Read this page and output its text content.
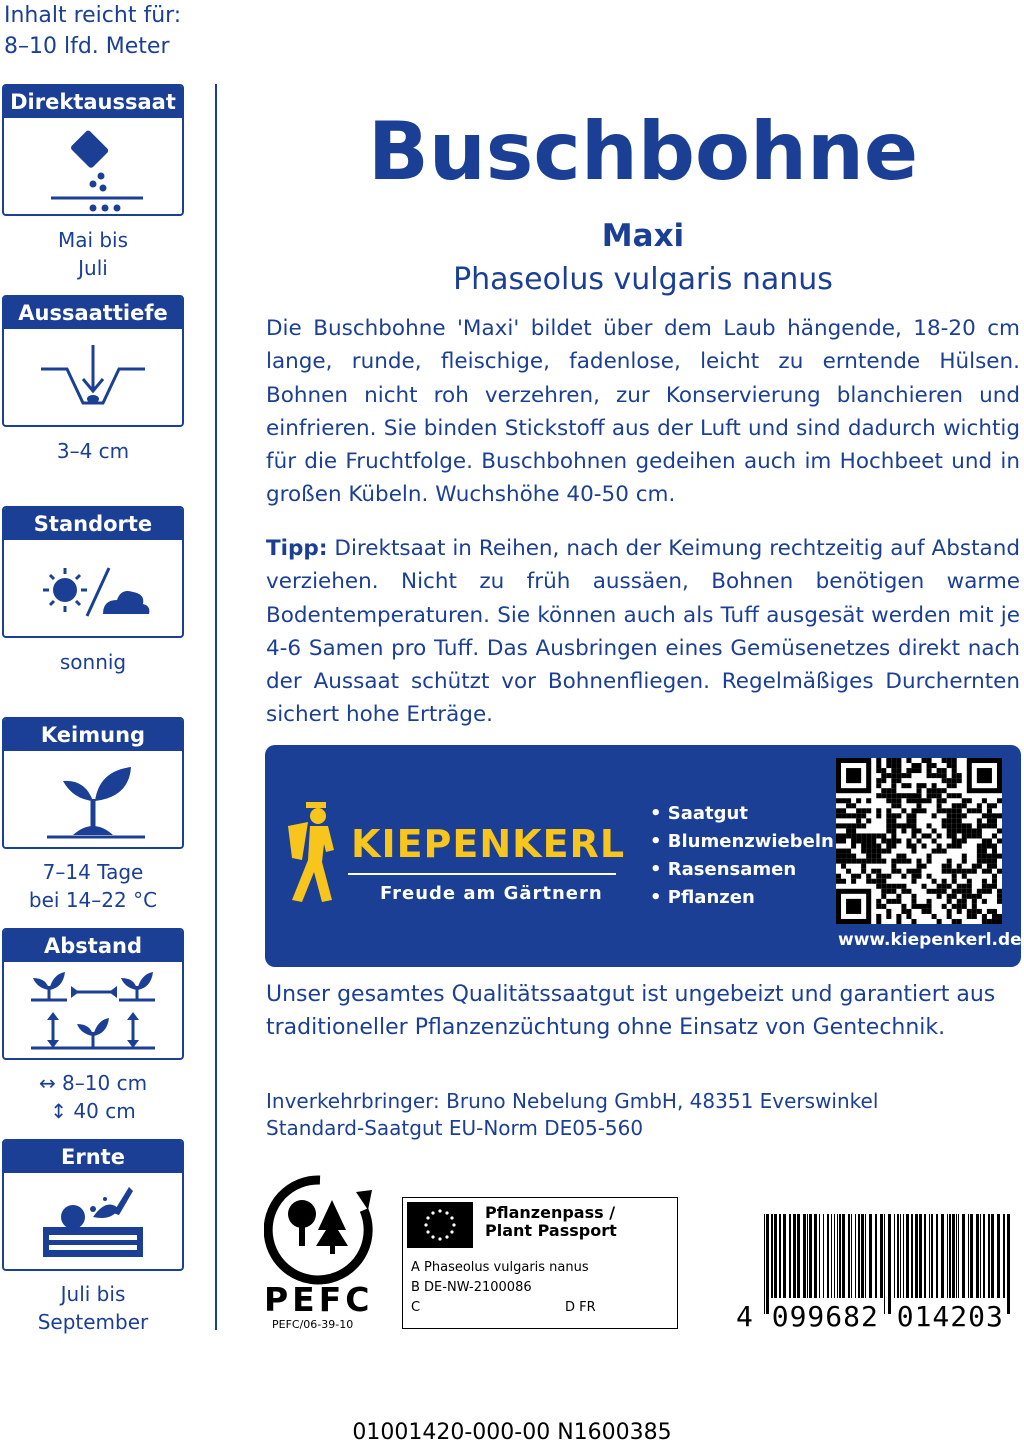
Inhalt reicht für:
8–10 lfd. Meter
Direktaussaat
Mai bis
Juli
Aussaattiefe
3–4 cm
Standorte
sonnig
Keimung
7–14 Tage
bei 14–22 °C
Abstand
↔ 8–10 cm
↕ 40 cm
Ernte
Juli bis
September
Buschbohne
Maxi
Phaseolus vulgaris nanus
Die Buschbohne 'Maxi' bildet über dem Laub hängende, 18-20 cm lange, runde, fleischige, fadenlose, leicht zu erntende Hülsen. Bohnen nicht roh verzehren, zur Konservierung blanchieren und einfrieren. Sie binden Stickstoff aus der Luft und sind dadurch wichtig für die Fruchtfolge. Buschbohnen gedeihen auch im Hochbeet und in großen Kübeln. Wuchshöhe 40-50 cm.
Tipp: Direktsaat in Reihen, nach der Keimung rechtzeitig auf Abstand verziehen. Nicht zu früh aussäen, Bohnen benötigen warme Bodentemperaturen. Sie können auch als Tuff ausgesät werden mit je 4-6 Samen pro Tuff. Das Ausbringen eines Gemüsenetzes direkt nach der Aussaat schützt vor Bohnenfliegen. Regelmäßiges Durchernten sichert hohe Erträge.
KIEPENKERL
Freude am Gärtnern
• Saatgut
• Blumenzwiebeln
• Rasensamen
• Pflanzen
www.kiepenkerl.de
Unser gesamtes Qualitätssaatgut ist ungebeizt und garantiert aus traditioneller Pflanzenzüchtung ohne Einsatz von Gentechnik.
Inverkehrbringer: Bruno Nebelung GmbH, 48351 Everswinkel
Standard-Saatgut EU-Norm DE05-560
PEFC
PEFC/06-39-10
Pflanzenpass /
Plant Passport
A Phaseolus vulgaris nanus
B DE-NW-2100086
C	D FR	4 099682 014203
01001420-000-00 N1600385
